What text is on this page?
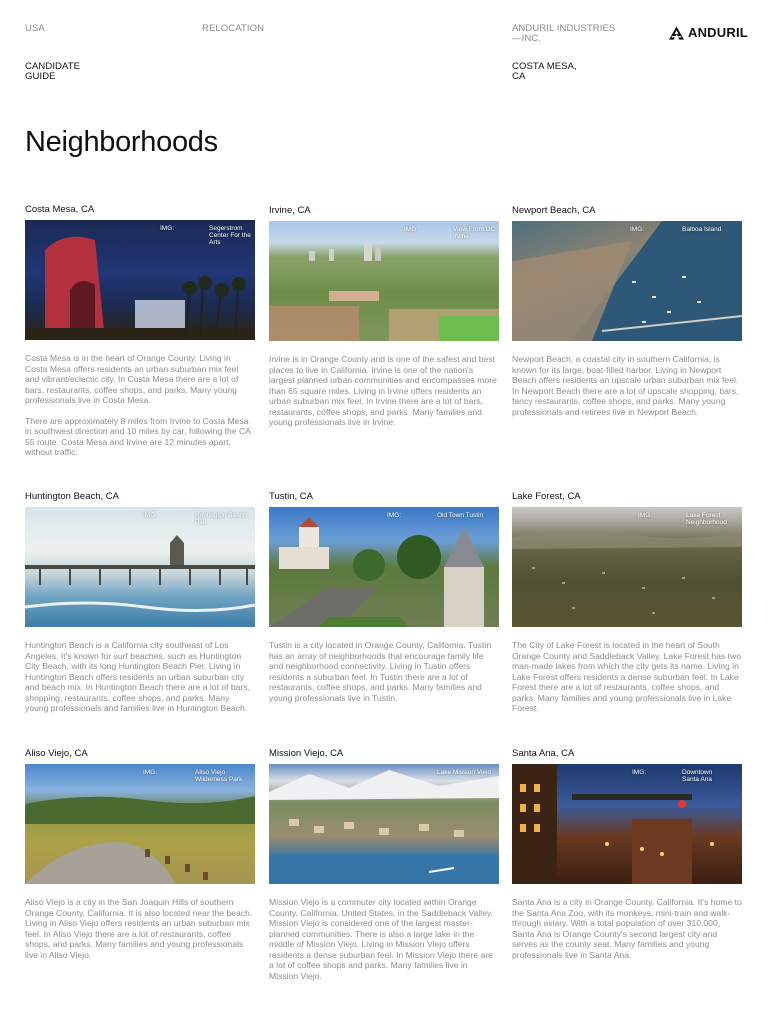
USA	RELOCATION	ANDURIL INDUSTRIES
—INC.
CANDIDATE
GUIDE
COSTA MESA,
CA
ANDURIL
Neighborhoods
Costa Mesa, CA
IMG:	Segerstrom Center For the Arts

Costa Mesa is in the heart of Orange County. Living in Costa Mesa offers residents an urban suburban mix feel and vibrant/eclectic city. In Costa Mesa there are a lot of bars, restaurants, coffee shops, and parks. Many young professionals live in Costa Mesa.

There are approximately 8 miles from Irvine to Costa Mesa in southwest direction and 10 miles by car, following the CA 55 route. Costa Mesa and Irvine are 12 minutes apart, without traffic.

Irvine, CA
IMG:	View From UC Irvine

Irvine is in Orange County and is one of the safest and best places to live in California. Irvine is one of the nation's largest planned urban communities and encompasses more than 65 square miles. Living in Irvine offers residents an urban suburban mix feel. In Irvine there are a lot of bars, restaurants, coffee shops, and parks. Many families and young professionals live in Irvine.

Newport Beach, CA
IMG:	Balboa Island

Newport Beach, a coastal city in southern California, is known for its large, boat-filled harbor. Living in Newport Beach offers residents an upscale urban suburban mix feel. In Newport Beach there are a lot of upscale shopping, bars, fancy restaurants, coffee shops, and parks. Many young professionals and retirees live in Newport Beach.

Huntington Beach, CA
IMG:	Huntington Beach Pier

Huntington Beach is a California city southeast of Los Angeles. It's known for surf beaches, such as Huntington City Beach, with its long Huntington Beach Pier. Living in Huntington Beach offers residents an urban suburban city and beach mix. In Huntington Beach there are a lot of bars, shopping, restaurants, coffee shops, and parks. Many young professionals and families live in Huntington Beach.

Tustin, CA
IMG:	Old Town Tustin

Tustin is a city located in Orange County, California. Tustin has an array of neighborhoods that encourage family life and neighborhood connectivity. Living in Tustin offers residents a suburban feel. In Tustin there are a lot of restaurants, coffee shops, and parks. Many families and young professionals live in Tustin.

Lake Forest, CA
IMG:	Lake Forest Neighborhood

The City of Lake Forest is located in the heart of South Orange County and Saddleback Valley. Lake Forest has two man-made lakes from which the city gets its name. Living in Lake Forest offers residents a dense suburban feel. In Lake Forest there are a lot of restaurants, coffee shops, and parks. Many families and young professionals live in Lake Forest.

Aliso Viejo, CA
IMG:	Aliso Viejo Wilderness Park

Aliso Viejo is a city in the San Joaquin Hills of southern Orange County, California. It is also located near the beach. Living in Aliso Viejo offers residents an urban suburban mix feel. In Aliso Viejo there are a lot of restaurants, coffee shops, and parks. Many families and young professionals live in Aliso Viejo.

Mission Viejo, CA
Lake Mission Viejo

Mission Viejo is a commuter city located within Orange County, California, United States, in the Saddleback Valley. Mission Viejo is considered one of the largest master-planned communities. There is also a large lake in the middle of Mission Viejo. Living in Mission Viejo offers residents a dense suburban feel. In Mission Viejo there are a lot of coffee shops and parks. Many families live in Mission Viejo.

Santa Ana, CA
IMG:	Downtown Santa Ana

Santa Ana is a city in Orange County, California. It's home to the Santa Ana Zoo, with its monkeys, mini-train and walk-through aviary. With a total population of over 310,000, Santa Ana is Orange County's second largest city and serves as the county seat. Many families and young professionals live in Santa Ana.
